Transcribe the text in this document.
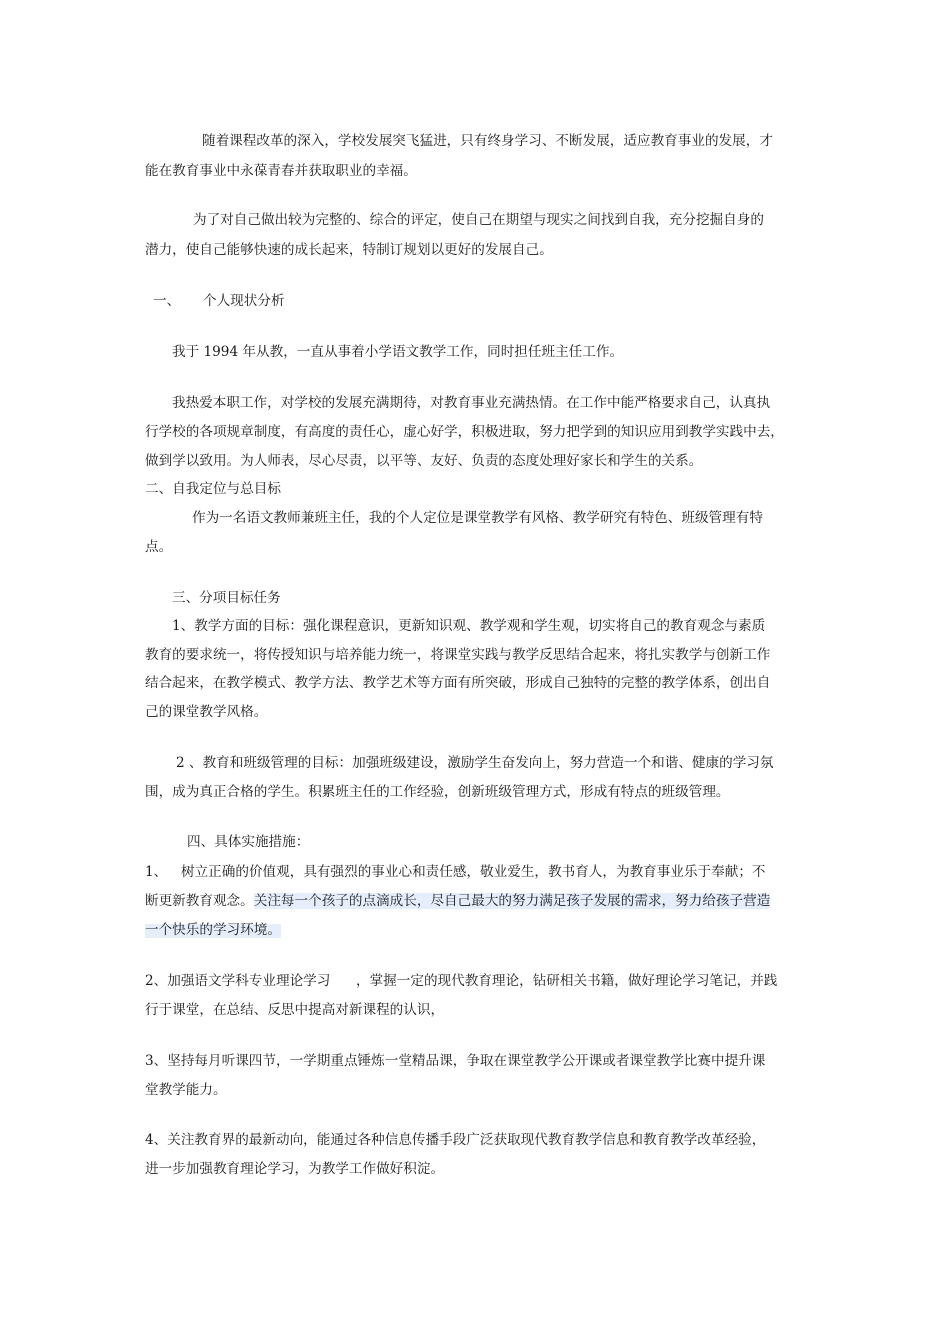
随着课程改革的深入，学校发展突飞猛进，只有终身学习、不断发展，适应教育事业的发展，才
能在教育事业中永葆青春并获取职业的幸福。
为了对自己做出较为完整的、综合的评定，使自己在期望与现实之间找到自我，充分挖掘自身的
潜力，使自己能够快速的成长起来，特制订规划以更好的发展自己。
一、 个人现状分析
我于 1994 年从教，一直从事着小学语文教学工作，同时担任班主任工作。
我热爱本职工作，对学校的发展充满期待，对教育事业充满热情。在工作中能严格要求自己，认真执
行学校的各项规章制度，有高度的责任心，虚心好学，积极进取，努力把学到的知识应用到教学实践中去，
做到学以致用。为人师表，尽心尽责，以平等、友好、负责的态度处理好家长和学生的关系。
二、自我定位与总目标
作为一名语文教师兼班主任，我的个人定位是课堂教学有风格、教学研究有特色、班级管理有特
点。
三、分项目标任务
1、教学方面的目标：强化课程意识，更新知识观、教学观和学生观，切实将自己的教育观念与素质
教育的要求统一，将传授知识与培养能力统一，将课堂实践与教学反思结合起来，将扎实教学与创新工作
结合起来，在教学模式、教学方法、教学艺术等方面有所突破，形成自己独特的完整的教学体系，创出自
己的课堂教学风格。
2 、教育和班级管理的目标：加强班级建设，激励学生奋发向上，努力营造一个和谐、健康的学习氛
围，成为真正合格的学生。积累班主任的工作经验，创新班级管理方式，形成有特点的班级管理。
四、具体实施措施：
1、 树立正确的价值观，具有强烈的事业心和责任感，敬业爱生，教书育人，为教育事业乐于奉献；不
断更新教育观念。关注每一个孩子的点滴成长，尽自己最大的努力满足孩子发展的需求，努力给孩子营造
一个快乐的学习环境。
2、加强语文学科专业理论学习 ，掌握一定的现代教育理论，钻研相关书籍，做好理论学习笔记，并践
行于课堂，在总结、反思中提高对新课程的认识，
3、坚持每月听课四节，一学期重点锤炼一堂精品课，争取在课堂教学公开课或者课堂教学比赛中提升课
堂教学能力。
4、关注教育界的最新动向，能通过各种信息传播手段广泛获取现代教育教学信息和教育教学改革经验，
进一步加强教育理论学习，为教学工作做好积淀。
